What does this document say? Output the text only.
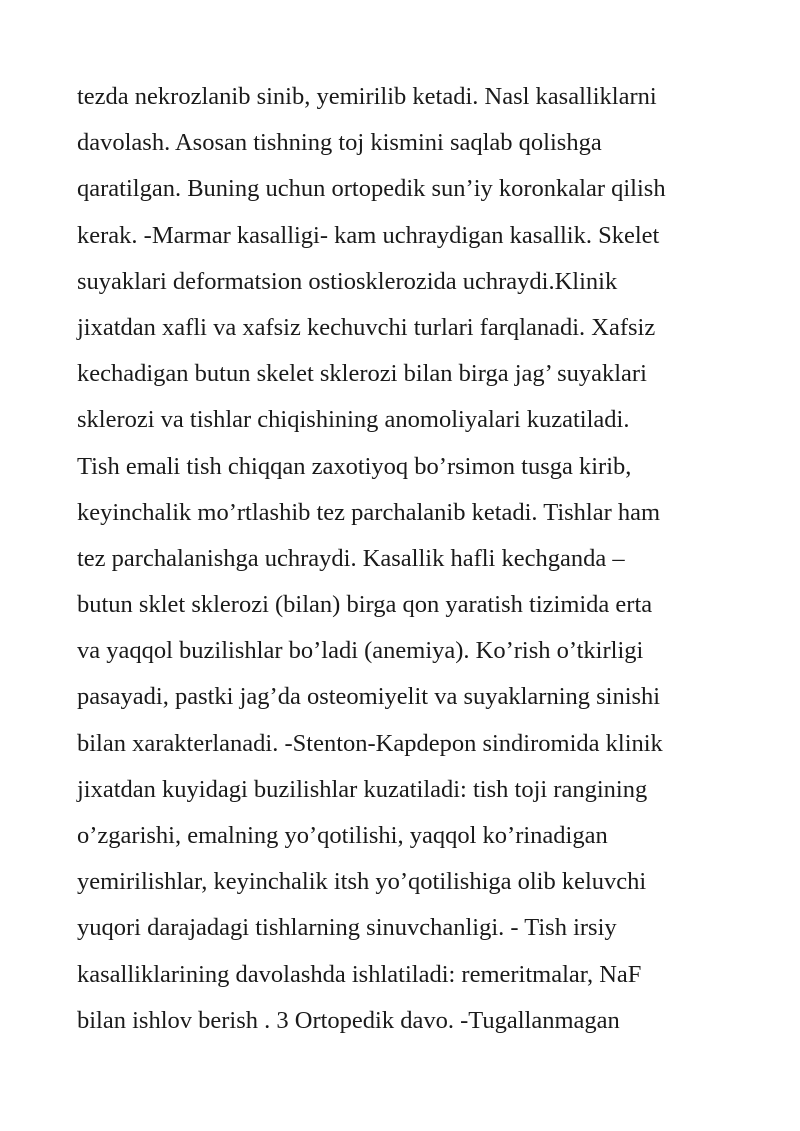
tezda nekrozlanib sinib, yemirilib ketadi. Nasl kasalliklarni
davolash. Asosan tishning toj kismini saqlab qolishga
qaratilgan. Buning uchun ortopedik sun’iy koronkalar qilish
kerak. -Marmar kasalligi- kam uchraydigan kasallik. Skelet
suyaklari deformatsion ostiosklerozida uchraydi.Klinik
jixatdan xafli va xafsiz kechuvchi turlari farqlanadi. Xafsiz
kechadigan butun skelet sklerozi bilan birga jag’ suyaklari
sklerozi va tishlar chiqishining anomoliyalari kuzatiladi.
Tish emali tish chiqqan zaxotiyoq bo’rsimon tusga kirib,
keyinchalik mo’rtlashib tez parchalanib ketadi. Tishlar ham
tez parchalanishga uchraydi. Kasallik hafli kechganda –
butun sklet sklerozi (bilan) birga qon yaratish tizimida erta
va yaqqol buzilishlar bo’ladi (anemiya). Ko’rish o’tkirligi
pasayadi, pastki jag’da osteomiyelit va suyaklarning sinishi
bilan xarakterlanadi. -Stenton-Kapdepon sindiromida klinik
jixatdan kuyidagi buzilishlar kuzatiladi: tish toji rangining
o’zgarishi, emalning yo’qotilishi, yaqqol ko’rinadigan
yemirilishlar, keyinchalik itsh yo’qotilishiga olib keluvchi
yuqori darajadagi tishlarning sinuvchanligi. - Tish irsiy
kasalliklarining davolashda ishlatiladi: remeritmalar, NaF
bilan ishlov berish . 3 Ortopedik davo. -Tugallanmagan
